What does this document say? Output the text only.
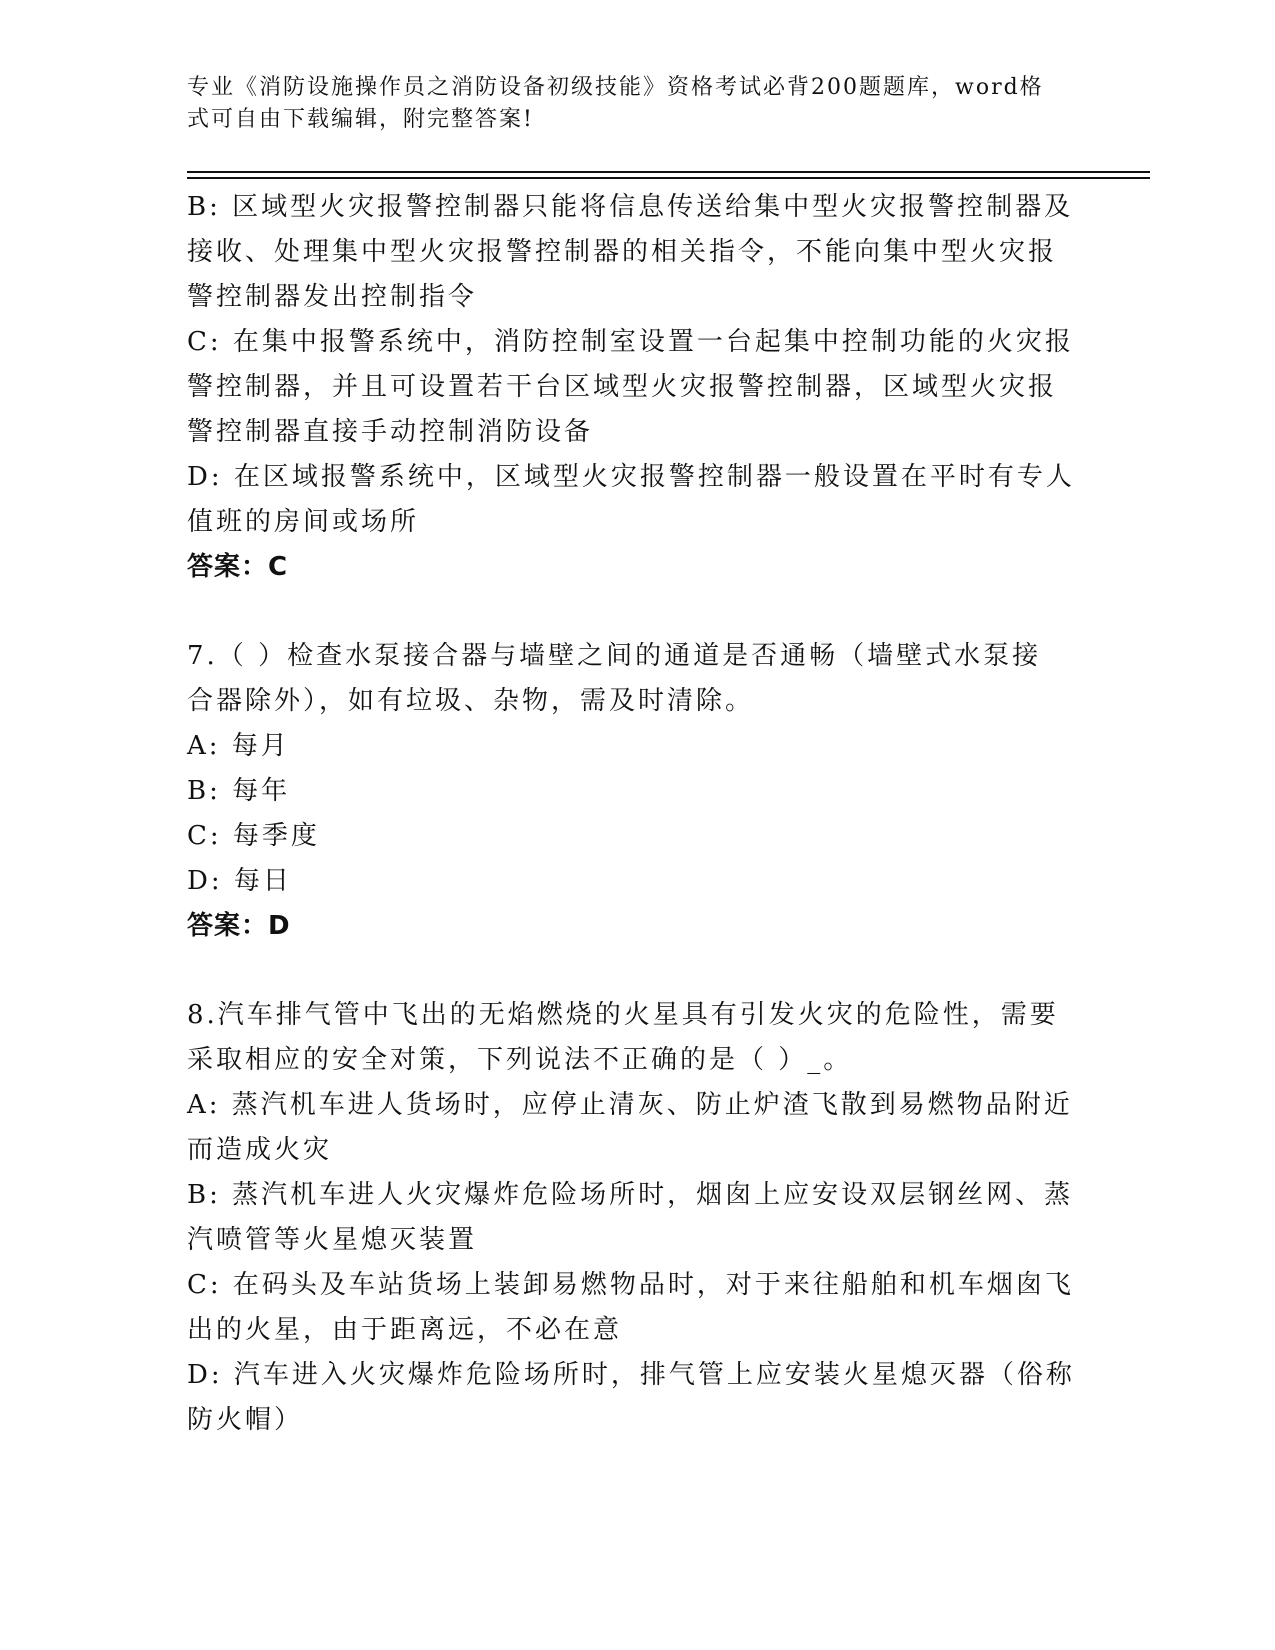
专业《消防设施操作员之消防设备初级技能》资格考试必背200题题库，word格
式可自由下载编辑，附完整答案!
B: 区域型火灾报警控制器只能将信息传送给集中型火灾报警控制器及
接收、处理集中型火灾报警控制器的相关指令，不能向集中型火灾报
警控制器发出控制指令
C: 在集中报警系统中，消防控制室设置一台起集中控制功能的火灾报
警控制器，并且可设置若干台区域型火灾报警控制器，区域型火灾报
警控制器直接手动控制消防设备
D: 在区域报警系统中，区域型火灾报警控制器一般设置在平时有专人
值班的房间或场所
答案：C
7.（ ）检查水泵接合器与墙壁之间的通道是否通畅（墙壁式水泵接
合器除外），如有垃圾、杂物，需及时清除。
A: 每月
B: 每年
C: 每季度
D: 每日
答案：D
8.汽车排气管中飞出的无焰燃烧的火星具有引发火灾的危险性，需要
采取相应的安全对策，下列说法不正确的是（ ）_。
A: 蒸汽机车进人货场时，应停止清灰、防止炉渣飞散到易燃物品附近
而造成火灾
B: 蒸汽机车进人火灾爆炸危险场所时，烟囱上应安设双层钢丝网、蒸
汽喷管等火星熄灭装置
C: 在码头及车站货场上装卸易燃物品时，对于来往船舶和机车烟囱飞
出的火星，由于距离远，不必在意
D: 汽车进入火灾爆炸危险场所时，排气管上应安装火星熄灭器（俗称
防火帽）
